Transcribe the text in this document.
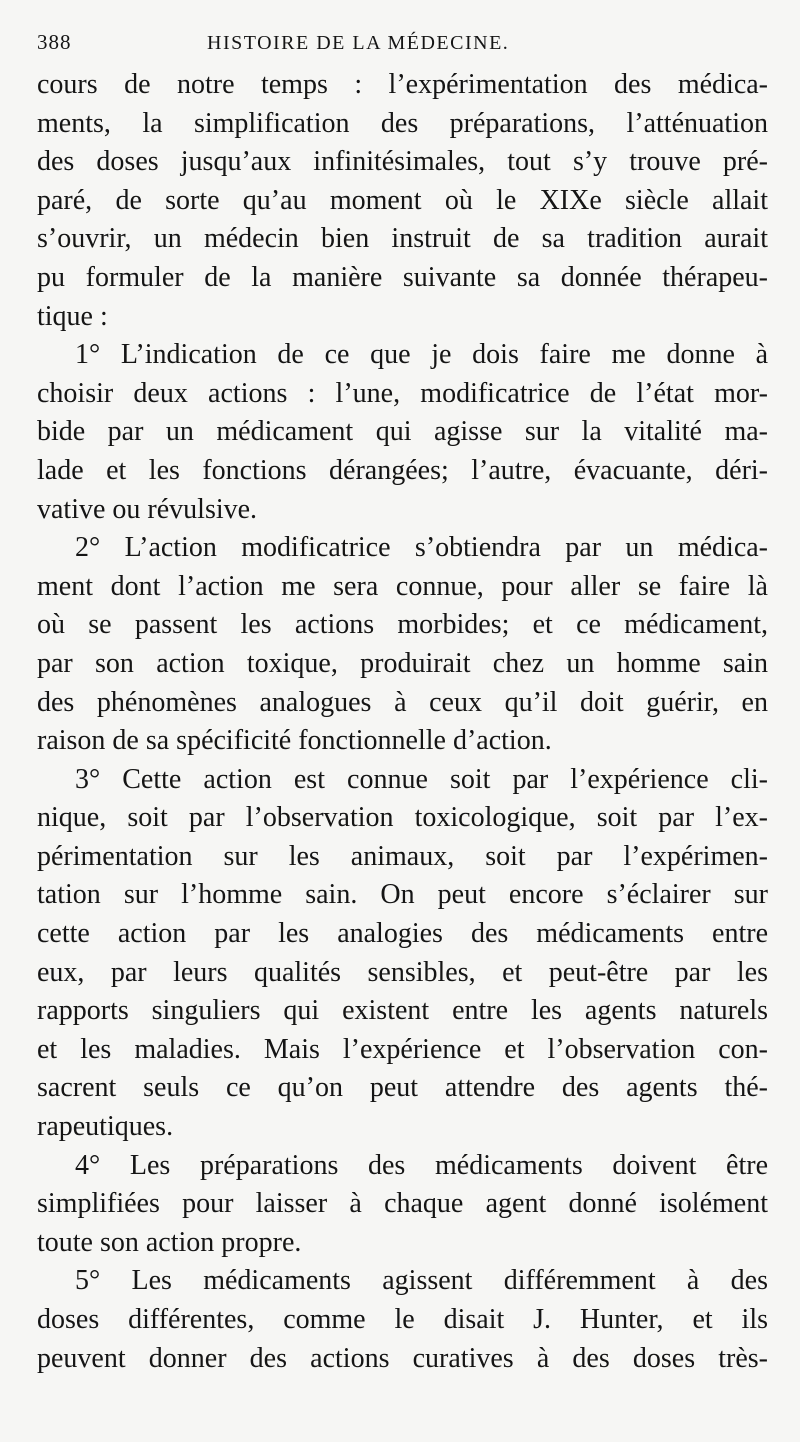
388	HISTOIRE DE LA MÉDECINE.
cours de notre temps : l’expérimentation des médica-
ments, la simplification des préparations, l’atténuation
des doses jusqu’aux infinitésimales, tout s’y trouve pré-
paré, de sorte qu’au moment où le XIXe siècle allait
s’ouvrir, un médecin bien instruit de sa tradition aurait
pu formuler de la manière suivante sa donnée thérapeu-
tique :
1° L’indication de ce que je dois faire me donne à
choisir deux actions : l’une, modificatrice de l’état mor-
bide par un médicament qui agisse sur la vitalité ma-
lade et les fonctions dérangées; l’autre, évacuante, déri-
vative ou révulsive.
2° L’action modificatrice s’obtiendra par un médica-
ment dont l’action me sera connue, pour aller se faire là
où se passent les actions morbides; et ce médicament,
par son action toxique, produirait chez un homme sain
des phénomènes analogues à ceux qu’il doit guérir, en
raison de sa spécificité fonctionnelle d’action.
3° Cette action est connue soit par l’expérience cli-
nique, soit par l’observation toxicologique, soit par l’ex-
périmentation sur les animaux, soit par l’expérimen-
tation sur l’homme sain. On peut encore s’éclairer sur
cette action par les analogies des médicaments entre
eux, par leurs qualités sensibles, et peut-être par les
rapports singuliers qui existent entre les agents naturels
et les maladies. Mais l’expérience et l’observation con-
sacrent seuls ce qu’on peut attendre des agents thé-
rapeutiques.
4° Les préparations des médicaments doivent être
simplifiées pour laisser à chaque agent donné isolément
toute son action propre.
5° Les médicaments agissent différemment à des
doses différentes, comme le disait J. Hunter, et ils
peuvent donner des actions curatives à des doses très-
